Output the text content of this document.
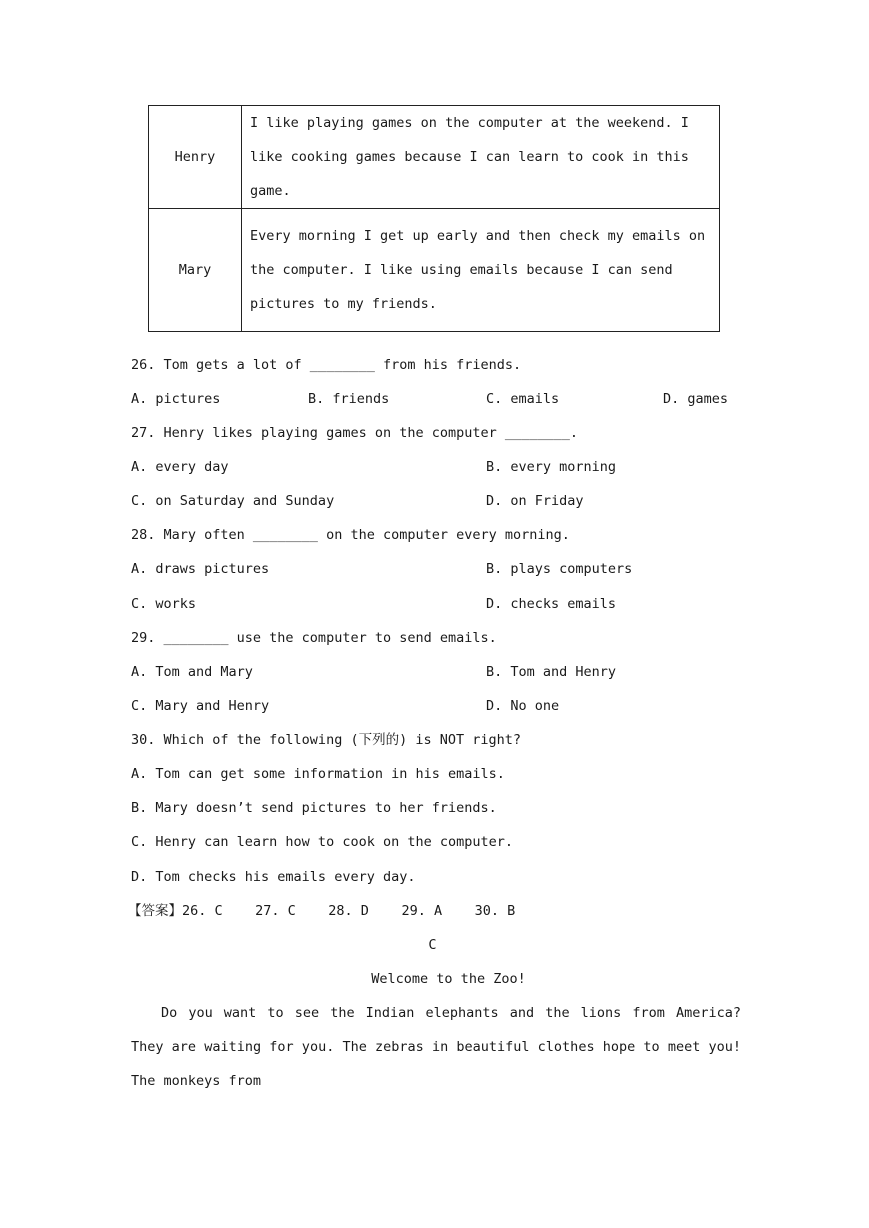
Henry	I like playing games on the computer at the weekend. I like cooking games because I can learn to cook in this game.
Mary	Every morning I get up early and then check my emails on the computer. I like using emails because I can send pictures to my friends.
26. Tom gets a lot of ________ from his friends.
A. pictures	B. friends	C. emails	D. games
27. Henry likes playing games on the computer ________.
A. every day	B. every morning
C. on Saturday and Sunday	D. on Friday
28. Mary often ________ on the computer every morning.
A. draws pictures	B. plays computers
C. works	D. checks emails
29. ________ use the computer to send emails.
A. Tom and Mary	B. Tom and Henry
C. Mary and Henry	D. No one
30. Which of the following (下列的) is NOT right?
A. Tom can get some information in his emails.
B. Mary doesn’t send pictures to her friends.
C. Henry can learn how to cook on the computer.
D. Tom checks his emails every day.
【答案】26. C    27. C    28. D    29. A    30. B
C
Welcome to the Zoo!
Do you want to see the Indian elephants and the lions from America? They are waiting for you. The zebras in beautiful clothes hope to meet you! The monkeys from
